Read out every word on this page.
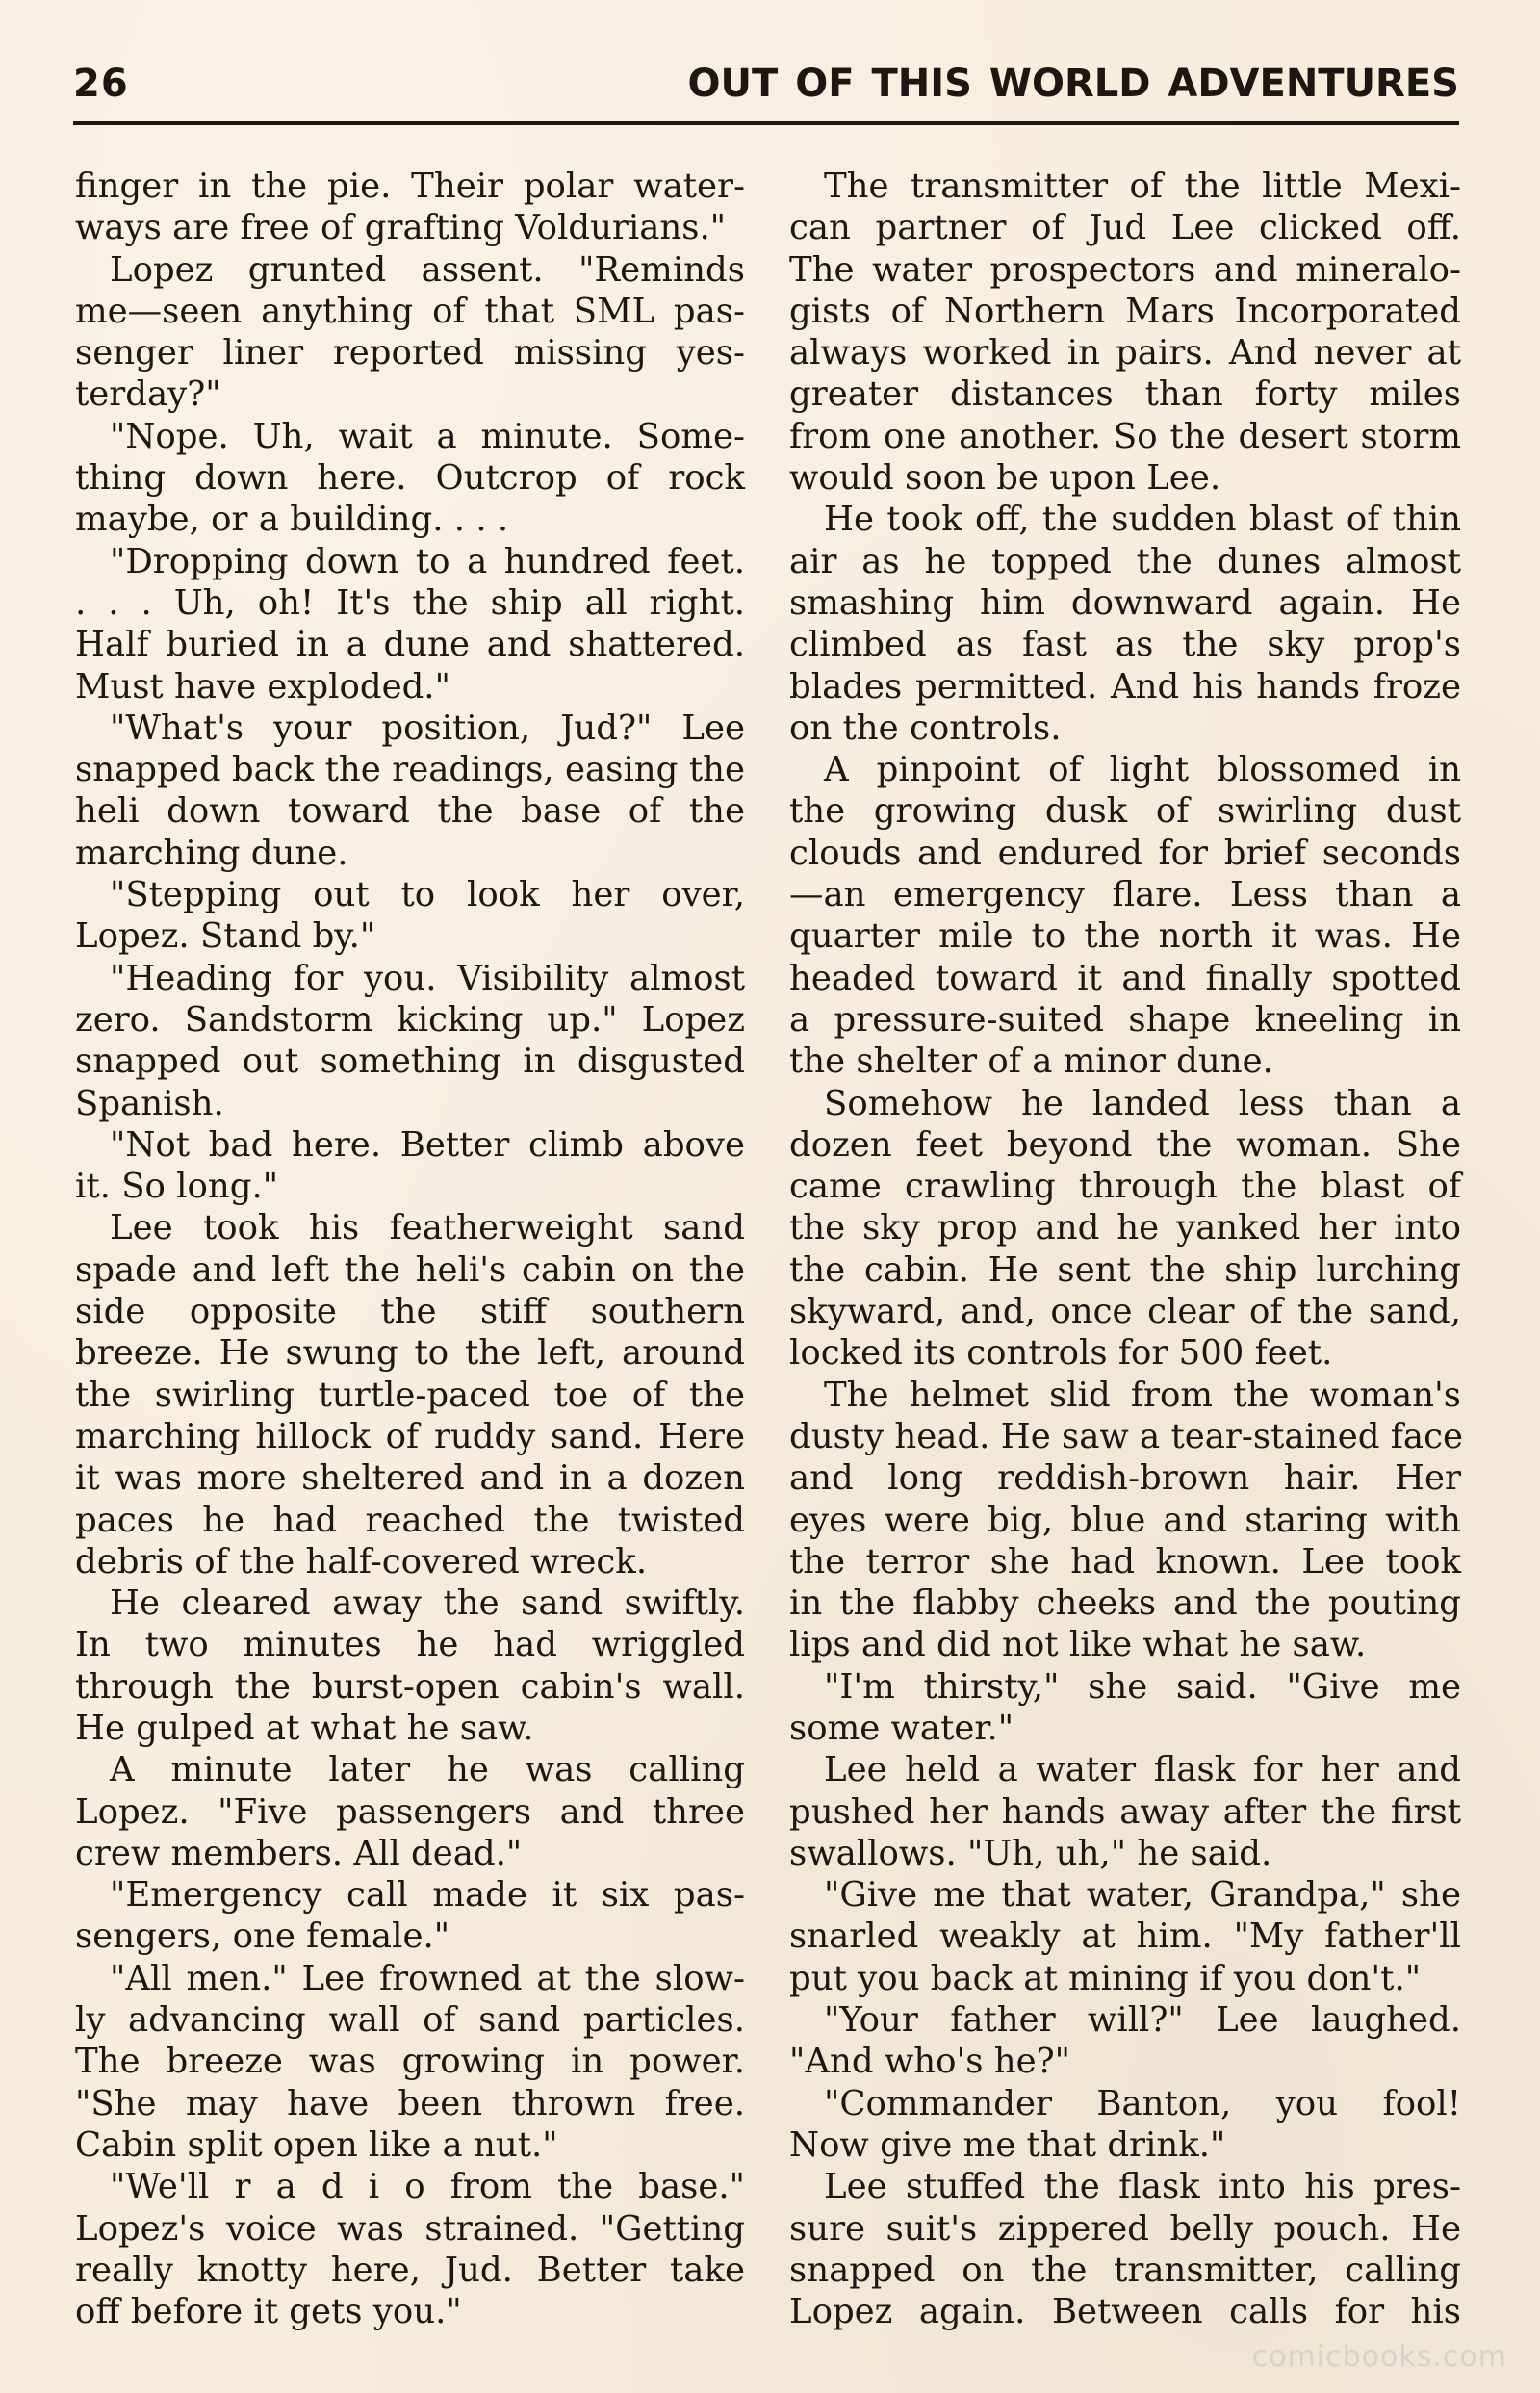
26	OUT OF THIS WORLD ADVENTURES
finger in the pie. Their polar water-
ways are free of grafting Voldurians."
Lopez grunted assent. "Reminds
me—seen anything of that SML pas-
senger liner reported missing yes-
terday?"
"Nope. Uh, wait a minute. Some-
thing down here. Outcrop of rock
maybe, or a building. . . .
"Dropping down to a hundred feet.
. . . Uh, oh! It's the ship all right.
Half buried in a dune and shattered.
Must have exploded."
"What's your position, Jud?" Lee
snapped back the readings, easing the
heli down toward the base of the
marching dune.
"Stepping out to look her over,
Lopez. Stand by."
"Heading for you. Visibility almost
zero. Sandstorm kicking up." Lopez
snapped out something in disgusted
Spanish.
"Not bad here. Better climb above
it. So long."
Lee took his featherweight sand
spade and left the heli's cabin on the
side opposite the stiff southern
breeze. He swung to the left, around
the swirling turtle-paced toe of the
marching hillock of ruddy sand. Here
it was more sheltered and in a dozen
paces he had reached the twisted
debris of the half-covered wreck.
He cleared away the sand swiftly.
In two minutes he had wriggled
through the burst-open cabin's wall.
He gulped at what he saw.
A minute later he was calling
Lopez. "Five passengers and three
crew members. All dead."
"Emergency call made it six pas-
sengers, one female."
"All men." Lee frowned at the slow-
ly advancing wall of sand particles.
The breeze was growing in power.
"She may have been thrown free.
Cabin split open like a nut."
"We'll r a d i o from the base."
Lopez's voice was strained. "Getting
really knotty here, Jud. Better take
off before it gets you."
The transmitter of the little Mexi-
can partner of Jud Lee clicked off.
The water prospectors and mineralo-
gists of Northern Mars Incorporated
always worked in pairs. And never at
greater distances than forty miles
from one another. So the desert storm
would soon be upon Lee.
He took off, the sudden blast of thin
air as he topped the dunes almost
smashing him downward again. He
climbed as fast as the sky prop's
blades permitted. And his hands froze
on the controls.
A pinpoint of light blossomed in
the growing dusk of swirling dust
clouds and endured for brief seconds
—an emergency flare. Less than a
quarter mile to the north it was. He
headed toward it and finally spotted
a pressure-suited shape kneeling in
the shelter of a minor dune.
Somehow he landed less than a
dozen feet beyond the woman. She
came crawling through the blast of
the sky prop and he yanked her into
the cabin. He sent the ship lurching
skyward, and, once clear of the sand,
locked its controls for 500 feet.
The helmet slid from the woman's
dusty head. He saw a tear-stained face
and long reddish-brown hair. Her
eyes were big, blue and staring with
the terror she had known. Lee took
in the flabby cheeks and the pouting
lips and did not like what he saw.
"I'm thirsty," she said. "Give me
some water."
Lee held a water flask for her and
pushed her hands away after the first
swallows. "Uh, uh," he said.
"Give me that water, Grandpa," she
snarled weakly at him. "My father'll
put you back at mining if you don't."
"Your father will?" Lee laughed.
"And who's he?"
"Commander Banton, you fool!
Now give me that drink."
Lee stuffed the flask into his pres-
sure suit's zippered belly pouch. He
snapped on the transmitter, calling
Lopez again. Between calls for his
comicbooks.com
